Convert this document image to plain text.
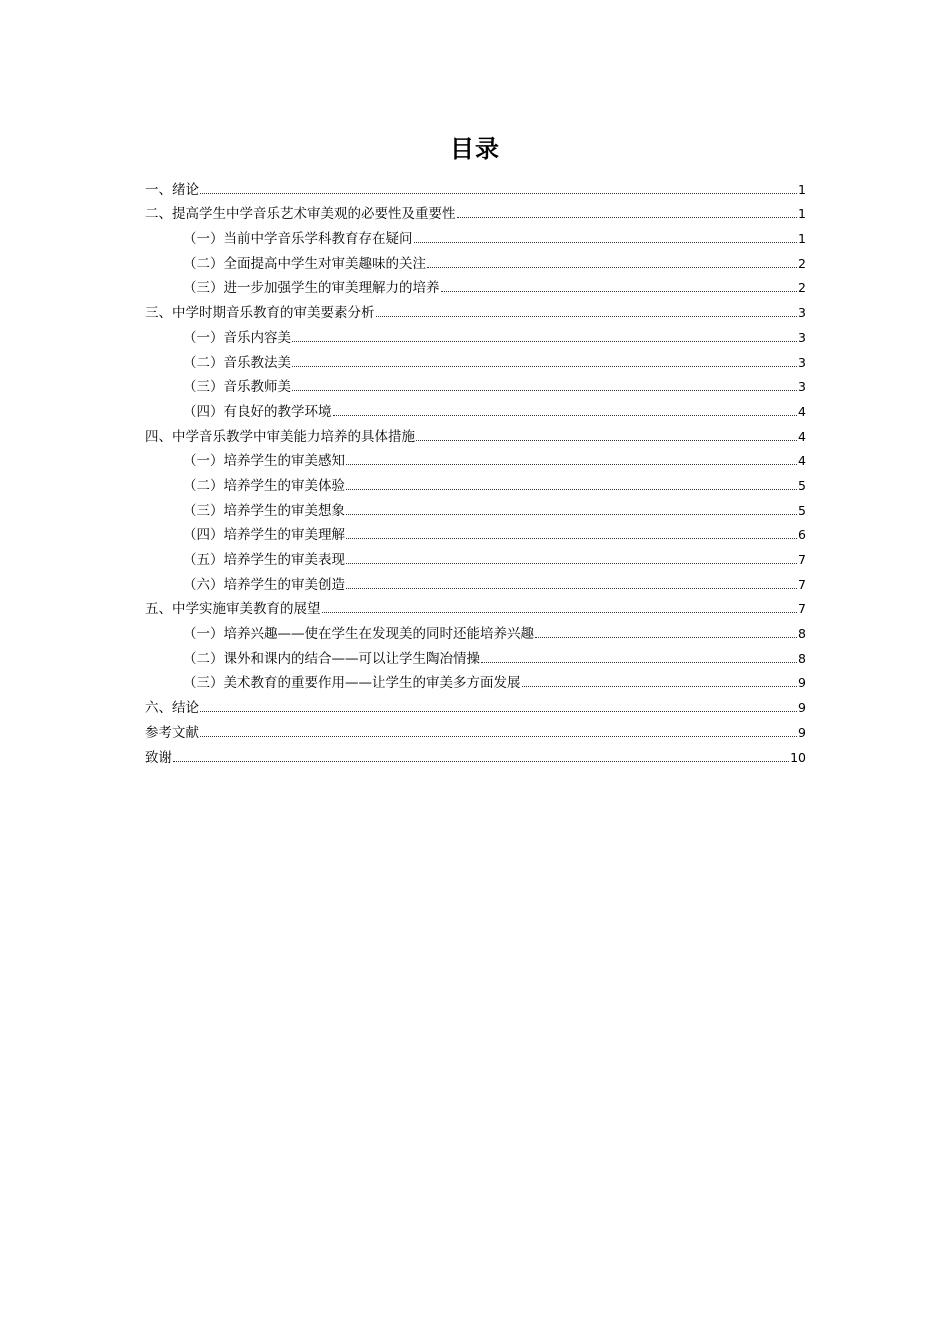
目录
一、绪论	1
二、提高学生中学音乐艺术审美观的必要性及重要性	1
（一）当前中学音乐学科教育存在疑问	1
（二）全面提高中学生对审美趣味的关注	2
（三）进一步加强学生的审美理解力的培养	2
三、中学时期音乐教育的审美要素分析	3
（一）音乐内容美	3
（二）音乐教法美	3
（三）音乐教师美	3
（四）有良好的教学环境	4
四、中学音乐教学中审美能力培养的具体措施	4
（一）培养学生的审美感知	4
（二）培养学生的审美体验	5
（三）培养学生的审美想象	5
（四）培养学生的审美理解	6
（五）培养学生的审美表现	7
（六）培养学生的审美创造	7
五、中学实施审美教育的展望	7
（一）培养兴趣——使在学生在发现美的同时还能培养兴趣	8
（二）课外和课内的结合——可以让学生陶冶情操	8
（三）美术教育的重要作用——让学生的审美多方面发展	9
六、结论	9
参考文献	9
致谢	10
